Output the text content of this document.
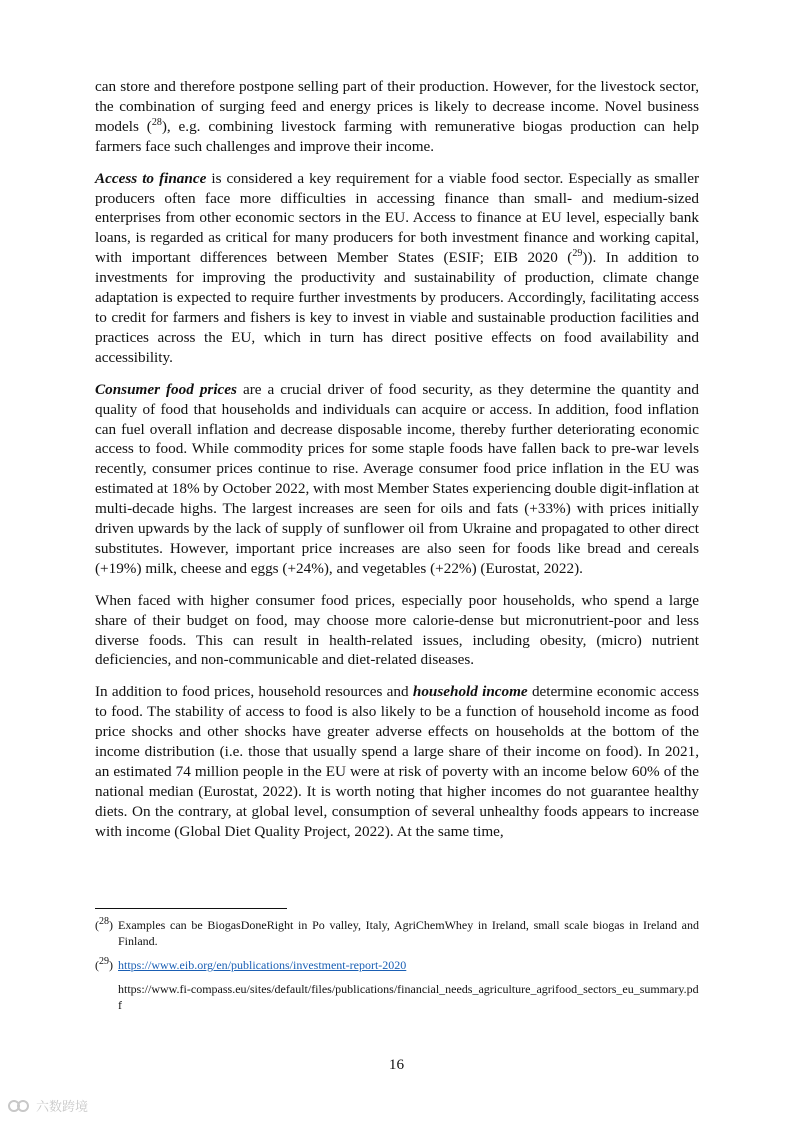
can store and therefore postpone selling part of their production. However, for the livestock sector, the combination of surging feed and energy prices is likely to decrease income. Novel business models ($^{28}$), e.g. combining livestock farming with remunerative biogas production can help farmers face such challenges and improve their income.

Access to finance is considered a key requirement for a viable food sector. Especially as smaller producers often face more difficulties in accessing finance than small- and medium-sized enterprises from other economic sectors in the EU. Access to finance at EU level, especially bank loans, is regarded as critical for many producers for both investment finance and working capital, with important differences between Member States (ESIF; EIB 2020 ($^{29}$)). In addition to investments for improving the productivity and sustainability of production, climate change adaptation is expected to require further investments by producers. Accordingly, facilitating access to credit for farmers and fishers is key to invest in viable and sustainable production facilities and practices across the EU, which in turn has direct positive effects on food availability and accessibility.

Consumer food prices are a crucial driver of food security, as they determine the quantity and quality of food that households and individuals can acquire or access. In addition, food inflation can fuel overall inflation and decrease disposable income, thereby further deteriorating economic access to food. While commodity prices for some staple foods have fallen back to pre-war levels recently, consumer prices continue to rise. Average consumer food price inflation in the EU was estimated at 18% by October 2022, with most Member States experiencing double digit-inflation at multi-decade highs. The largest increases are seen for oils and fats (+33%) with prices initially driven upwards by the lack of supply of sunflower oil from Ukraine and propagated to other direct substitutes. However, important price increases are also seen for foods like bread and cereals (+19%) milk, cheese and eggs (+24%), and vegetables (+22%) (Eurostat, 2022).

When faced with higher consumer food prices, especially poor households, who spend a large share of their budget on food, may choose more calorie-dense but micronutrient-poor and less diverse foods. This can result in health-related issues, including obesity, (micro) nutrient deficiencies, and non-communicable and diet-related diseases.

In addition to food prices, household resources and household income determine economic access to food. The stability of access to food is also likely to be a function of household income as food price shocks and other shocks have greater adverse effects on households at the bottom of the income distribution (i.e. those that usually spend a large share of their income on food). In 2021, an estimated 74 million people in the EU were at risk of poverty with an income below 60% of the national median (Eurostat, 2022). It is worth noting that higher incomes do not guarantee healthy diets. On the contrary, at global level, consumption of several unhealthy foods appears to increase with income (Global Diet Quality Project, 2022). At the same time,

($^{28}$) Examples can be BiogasDoneRight in Po valley, Italy, AgriChemWhey in Ireland, small scale biogas in Ireland and Finland.
($^{29}$) https://www.eib.org/en/publications/investment-report-2020
https://www.fi-compass.eu/sites/default/files/publications/financial_needs_agriculture_agrifood_sectors_eu_summary.pdf
16
六数跨境
